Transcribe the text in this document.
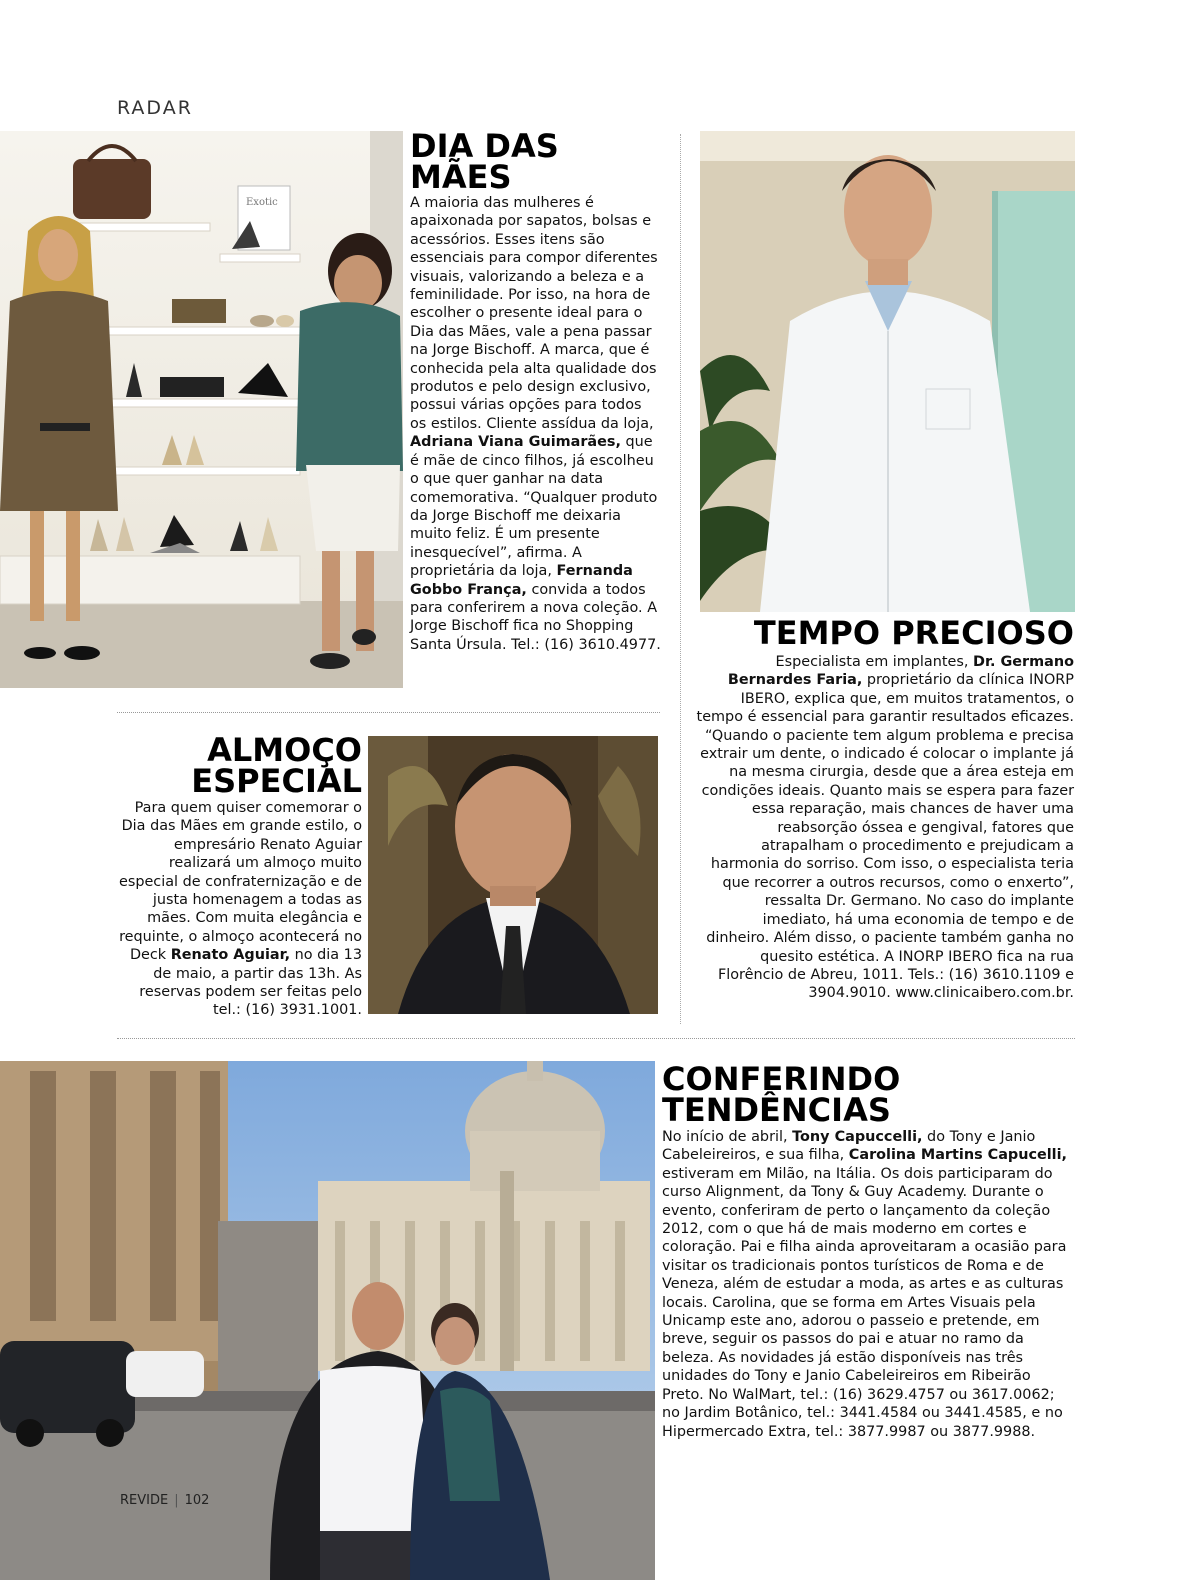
RADAR
Exotic
DIA DAS
MÃES

A maioria das mulheres é apaixonada por sapatos, bolsas e acessórios. Esses itens são essenciais para compor diferentes visuais, valorizando a beleza e a feminilidade. Por isso, na hora de escolher o presente ideal para o Dia das Mães, vale a pena passar na Jorge Bischoff. A marca, que é conhecida pela alta qualidade dos produtos e pelo design exclusivo, possui várias opções para todos os estilos. Cliente assídua da loja, Adriana Viana Guimarães, que é mãe de cinco filhos, já escolheu o que quer ganhar na data comemorativa. “Qualquer produto da Jorge Bischoff me deixaria muito feliz. É um presente inesquecível”, afirma. A proprietária da loja, Fernanda Gobbo França, convida a todos para conferirem a nova coleção. A Jorge Bischoff fica no Shopping Santa Úrsula. Tel.: (16) 3610.4977.	TEMPO PRECIOSO

Especialista em implantes, Dr. Germano Bernardes Faria, proprietário da clínica INORP IBERO, explica que, em muitos tratamentos, o tempo é essencial para garantir resultados eficazes. “Quando o paciente tem algum problema e precisa extrair um dente, o indicado é colocar o implante já na mesma cirurgia, desde que a área esteja em condições ideais. Quanto mais se espera para fazer essa reparação, mais chances de haver uma reabsorção óssea e gengival, fatores que atrapalham o procedimento e prejudicam a harmonia do sorriso. Com isso, o especialista teria que recorrer a outros recursos, como o enxerto”, ressalta Dr. Germano. No caso do implante imediato, há uma economia de tempo e de dinheiro. Além disso, o paciente também ganha no quesito estética. A INORP IBERO fica na rua Florêncio de Abreu, 1011. Tels.: (16) 3610.1109 e 3904.9010. www.clinicaibero.com.br.

ALMOÇO
ESPECIAL

Para quem quiser comemorar o Dia das Mães em grande estilo, o empresário Renato Aguiar realizará um almoço muito especial de confraternização e de justa homenagem a todas as mães. Com muita elegância e requinte, o almoço acontecerá no Deck Renato Aguiar, no dia 13 de maio, a partir das 13h. As reservas podem ser feitas pelo tel.: (16) 3931.1001.

CONFERINDO
TENDÊNCIAS

No início de abril, Tony Capuccelli, do Tony e Janio Cabeleireiros, e sua filha, Carolina Martins Capucelli, estiveram em Milão, na Itália. Os dois participaram do curso Alignment, da Tony & Guy Academy. Durante o evento, conferiram de perto o lançamento da coleção 2012, com o que há de mais moderno em cortes e coloração. Pai e filha ainda aproveitaram a ocasião para visitar os tradicionais pontos turísticos de Roma e de Veneza, além de estudar a moda, as artes e as culturas locais. Carolina, que se forma em Artes Visuais pela Unicamp este ano, adorou o passeio e pretende, em breve, seguir os passos do pai e atuar no ramo da beleza. As novidades já estão disponíveis nas três unidades do Tony e Janio Cabeleireiros em Ribeirão Preto. No WalMart, tel.: (16) 3629.4757 ou 3617.0062; no Jardim Botânico, tel.: 3441.4584 ou 3441.4585, e no Hipermercado Extra, tel.: 3877.9987 ou 3877.9988.

REVIDE | 102
